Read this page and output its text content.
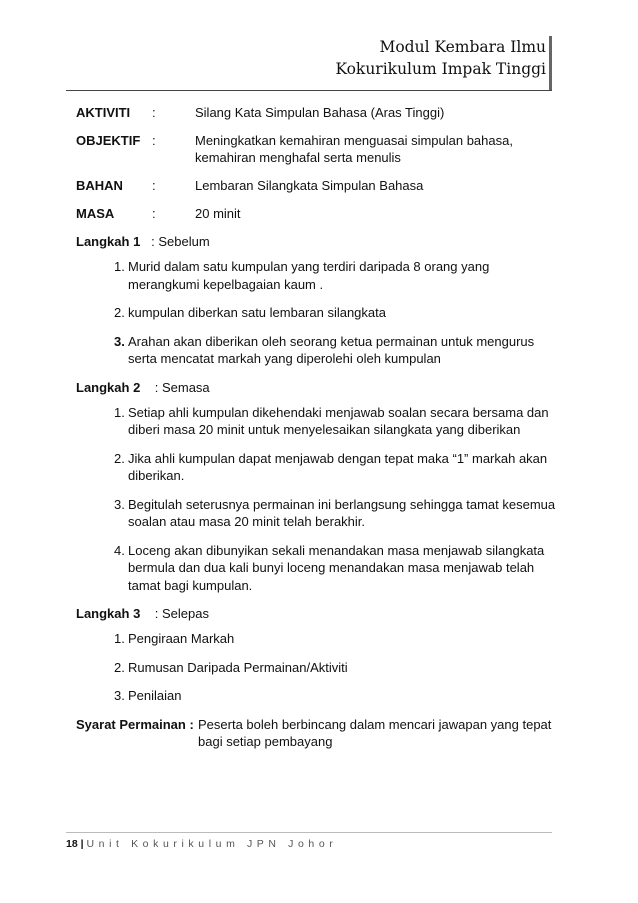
Modul Kembara Ilmu
Kokurikulum Impak Tinggi
AKTIVITI :	Silang Kata Simpulan Bahasa (Aras Tinggi)
OBJEKTIF :	Meningkatkan kemahiran menguasai simpulan bahasa, kemahiran menghafal serta menulis
BAHAN :	Lembaran Silangkata Simpulan Bahasa
MASA	:	20 minit
Langkah 1 : Sebelum
1. Murid dalam satu kumpulan yang terdiri daripada 8 orang yang merangkumi kepelbagaian kaum .
2. kumpulan diberkan satu lembaran silangkata
3. Arahan akan diberikan oleh seorang ketua permainan untuk mengurus serta mencatat markah yang diperolehi oleh kumpulan
Langkah 2 : Semasa
1. Setiap ahli kumpulan dikehendaki menjawab soalan secara bersama dan diberi masa 20 minit untuk menyelesaikan silangkata yang diberikan
2. Jika ahli kumpulan dapat menjawab dengan tepat maka “1” markah akan diberikan.
3. Begitulah seterusnya permainan ini berlangsung sehingga tamat kesemua soalan atau masa 20 minit telah berakhir.
4. Loceng akan dibunyikan sekali menandakan masa menjawab silangkata bermula dan dua kali bunyi loceng menandakan masa menjawab telah tamat bagi kumpulan.
Langkah 3 : Selepas
1. Pengiraan Markah
2. Rumusan Daripada Permainan/Aktiviti
3. Penilaian
Syarat Permainan : Peserta boleh berbincang dalam mencari jawapan yang tepat bagi setiap pembayang
18 | Unit Kokurikulum JPN Johor
